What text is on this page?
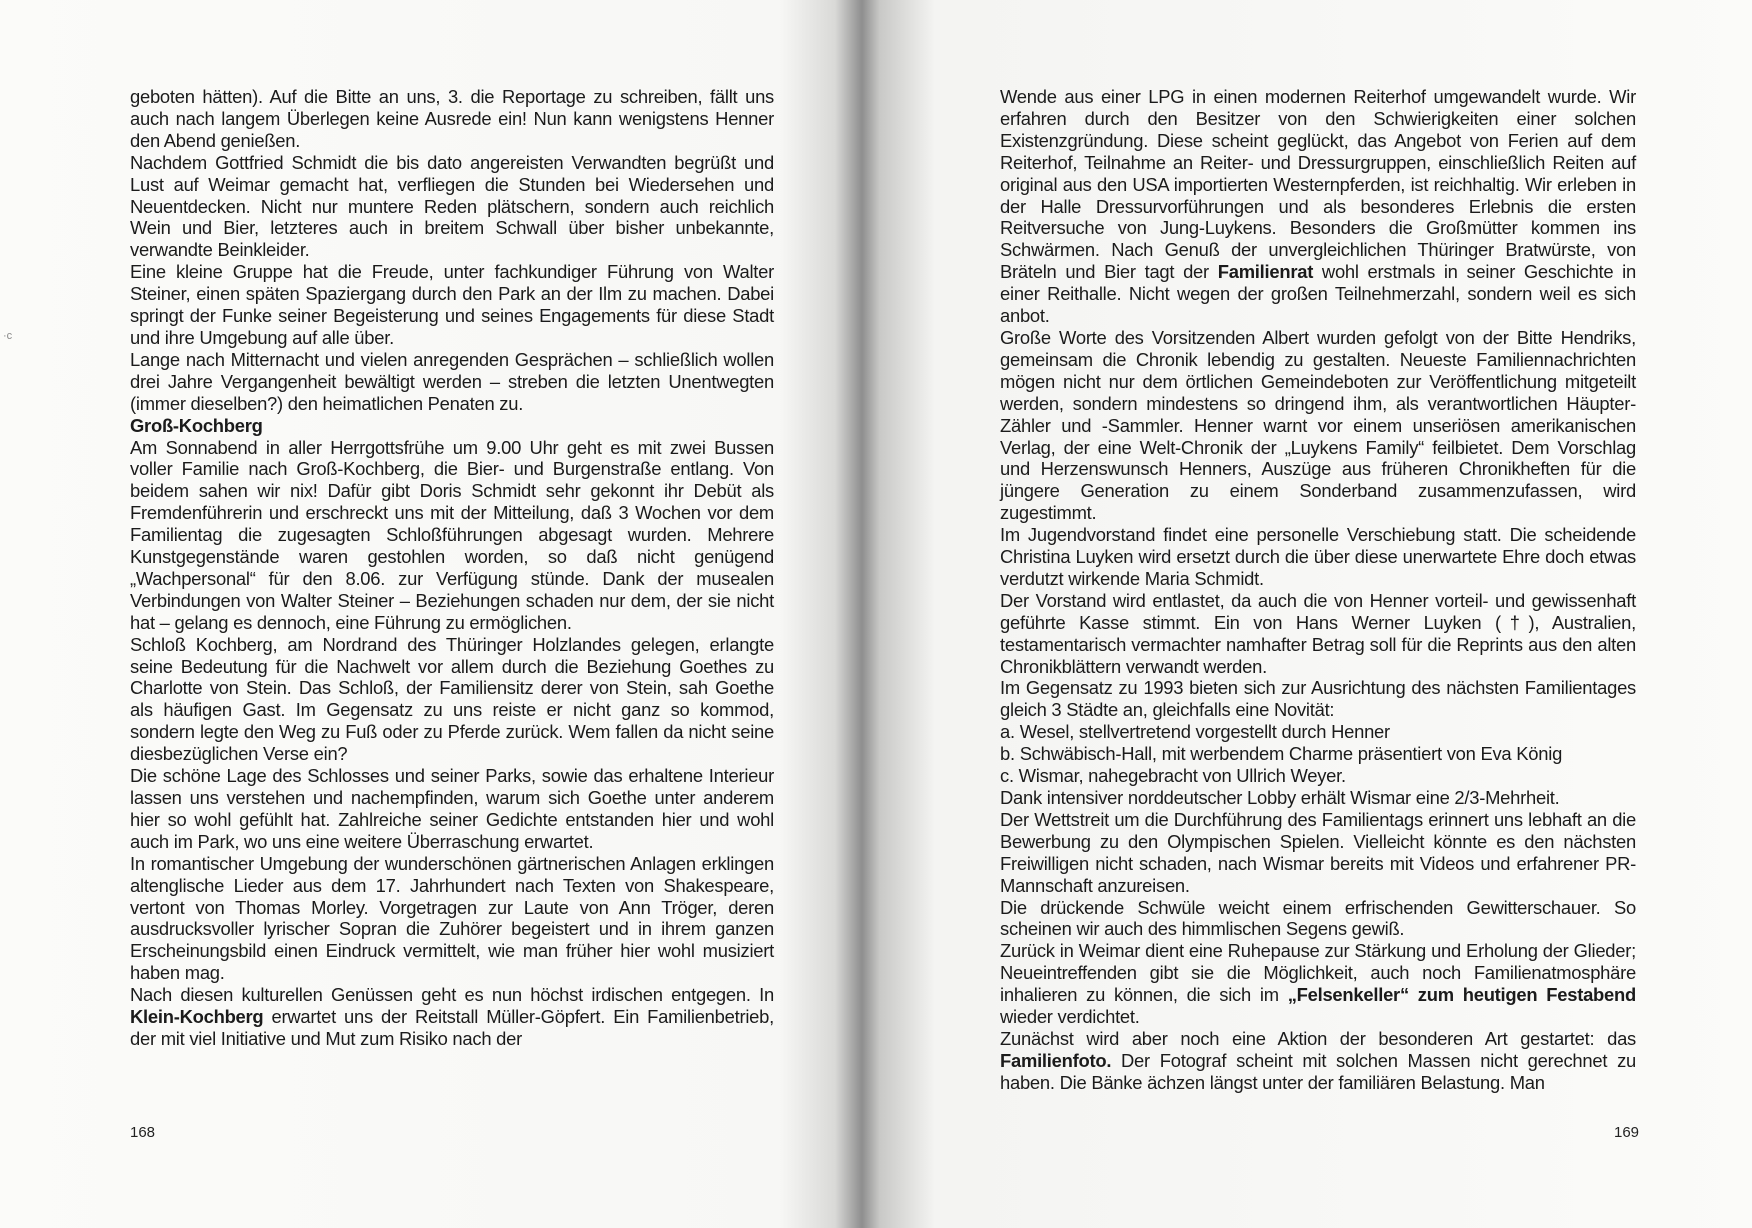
·c

geboten hätten). Auf die Bitte an uns, 3. die Reportage zu schreiben, fällt uns auch nach langem Überlegen keine Ausrede ein! Nun kann wenigstens Henner den Abend genießen.

Nachdem Gottfried Schmidt die bis dato angereisten Verwandten begrüßt und Lust auf Weimar gemacht hat, verfliegen die Stunden bei Wiedersehen und Neuentdecken. Nicht nur muntere Reden plätschern, sondern auch reichlich Wein und Bier, letzteres auch in breitem Schwall über bisher unbekannte, verwandte Beinkleider.

Eine kleine Gruppe hat die Freude, unter fachkundiger Führung von Walter Steiner, einen späten Spaziergang durch den Park an der Ilm zu machen. Dabei springt der Funke seiner Begeisterung und seines Engagements für diese Stadt und ihre Umgebung auf alle über.

Lange nach Mitternacht und vielen anregenden Gesprächen – schließlich wollen drei Jahre Vergangenheit bewältigt werden – streben die letzten Unentwegten (immer dieselben?) den heimatlichen Penaten zu.

Groß-Kochberg

Am Sonnabend in aller Herrgottsfrühe um 9.00 Uhr geht es mit zwei Bussen voller Familie nach Groß-Kochberg, die Bier- und Burgenstraße entlang. Von beidem sahen wir nix! Dafür gibt Doris Schmidt sehr gekonnt ihr Debüt als Fremdenführerin und erschreckt uns mit der Mitteilung, daß 3 Wochen vor dem Familientag die zugesagten Schloßführungen abgesagt wurden. Mehrere Kunstgegenstände waren gestohlen worden, so daß nicht genügend „Wachpersonal“ für den 8.06. zur Verfügung stünde. Dank der musealen Verbindungen von Walter Steiner – Beziehungen schaden nur dem, der sie nicht hat – gelang es dennoch, eine Führung zu ermöglichen.

Schloß Kochberg, am Nordrand des Thüringer Holzlandes gelegen, erlangte seine Bedeutung für die Nachwelt vor allem durch die Beziehung Goethes zu Charlotte von Stein. Das Schloß, der Familiensitz derer von Stein, sah Goethe als häufigen Gast. Im Gegensatz zu uns reiste er nicht ganz so kommod, sondern legte den Weg zu Fuß oder zu Pferde zurück. Wem fallen da nicht seine diesbezüglichen Verse ein?

Die schöne Lage des Schlosses und seiner Parks, sowie das erhaltene Interieur lassen uns verstehen und nachempfinden, warum sich Goethe unter anderem hier so wohl gefühlt hat. Zahlreiche seiner Gedichte entstanden hier und wohl auch im Park, wo uns eine weitere Überraschung erwartet.

In romantischer Umgebung der wunderschönen gärtnerischen Anlagen erklingen altenglische Lieder aus dem 17. Jahrhundert nach Texten von Shakespeare, vertont von Thomas Morley. Vorgetragen zur Laute von Ann Tröger, deren ausdrucksvoller lyrischer Sopran die Zuhörer begeistert und in ihrem ganzen Erscheinungsbild einen Eindruck vermittelt, wie man früher hier wohl musiziert haben mag.

Nach diesen kulturellen Genüssen geht es nun höchst irdischen entgegen. In Klein-Kochberg erwartet uns der Reitstall Müller-Göpfert. Ein Familienbetrieb, der mit viel Initiative und Mut zum Risiko nach der

168

Wende aus einer LPG in einen modernen Reiterhof umgewandelt wurde. Wir erfahren durch den Besitzer von den Schwierigkeiten einer solchen Existenzgründung. Diese scheint geglückt, das Angebot von Ferien auf dem Reiterhof, Teilnahme an Reiter- und Dressurgruppen, einschließlich Reiten auf original aus den USA importierten Westernpferden, ist reichhaltig. Wir erleben in der Halle Dressurvorführungen und als besonderes Erlebnis die ersten Reitversuche von Jung-Luykens. Besonders die Großmütter kommen ins Schwärmen. Nach Genuß der unvergleichlichen Thüringer Bratwürste, von Bräteln und Bier tagt der Familienrat wohl erstmals in seiner Geschichte in einer Reithalle. Nicht wegen der großen Teilnehmerzahl, sondern weil es sich anbot.

Große Worte des Vorsitzenden Albert wurden gefolgt von der Bitte Hendriks, gemeinsam die Chronik lebendig zu gestalten. Neueste Familiennachrichten mögen nicht nur dem örtlichen Gemeindeboten zur Veröffentlichung mitgeteilt werden, sondern mindestens so dringend ihm, als verantwortlichen Häupter-Zähler und -Sammler. Henner warnt vor einem unseriösen amerikanischen Verlag, der eine Welt-Chronik der „Luykens Family“ feilbietet. Dem Vorschlag und Herzenswunsch Henners, Auszüge aus früheren Chronikheften für die jüngere Generation zu einem Sonderband zusammenzufassen, wird zugestimmt.

Im Jugendvorstand findet eine personelle Verschiebung statt. Die scheidende Christina Luyken wird ersetzt durch die über diese unerwartete Ehre doch etwas verdutzt wirkende Maria Schmidt.

Der Vorstand wird entlastet, da auch die von Henner vorteil- und gewissenhaft geführte Kasse stimmt. Ein von Hans Werner Luyken (†), Australien, testamentarisch vermachter namhafter Betrag soll für die Reprints aus den alten Chronikblättern verwandt werden.

Im Gegensatz zu 1993 bieten sich zur Ausrichtung des nächsten Familientages gleich 3 Städte an, gleichfalls eine Novität:

a. Wesel, stellvertretend vorgestellt durch Henner

b. Schwäbisch-Hall, mit werbendem Charme präsentiert von Eva König

c. Wismar, nahegebracht von Ullrich Weyer.

Dank intensiver norddeutscher Lobby erhält Wismar eine 2/3-Mehrheit.

Der Wettstreit um die Durchführung des Familientags erinnert uns lebhaft an die Bewerbung zu den Olympischen Spielen. Vielleicht könnte es den nächsten Freiwilligen nicht schaden, nach Wismar bereits mit Videos und erfahrener PR-Mannschaft anzureisen.

Die drückende Schwüle weicht einem erfrischenden Gewitterschauer. So scheinen wir auch des himmlischen Segens gewiß.

Zurück in Weimar dient eine Ruhepause zur Stärkung und Erholung der Glieder; Neueintreffenden gibt sie die Möglichkeit, auch noch Familienatmosphäre inhalieren zu können, die sich im „Felsenkeller“ zum heutigen Festabend wieder verdichtet.

Zunächst wird aber noch eine Aktion der besonderen Art gestartet: das Familienfoto. Der Fotograf scheint mit solchen Massen nicht gerechnet zu haben. Die Bänke ächzen längst unter der familiären Belastung. Man

169
